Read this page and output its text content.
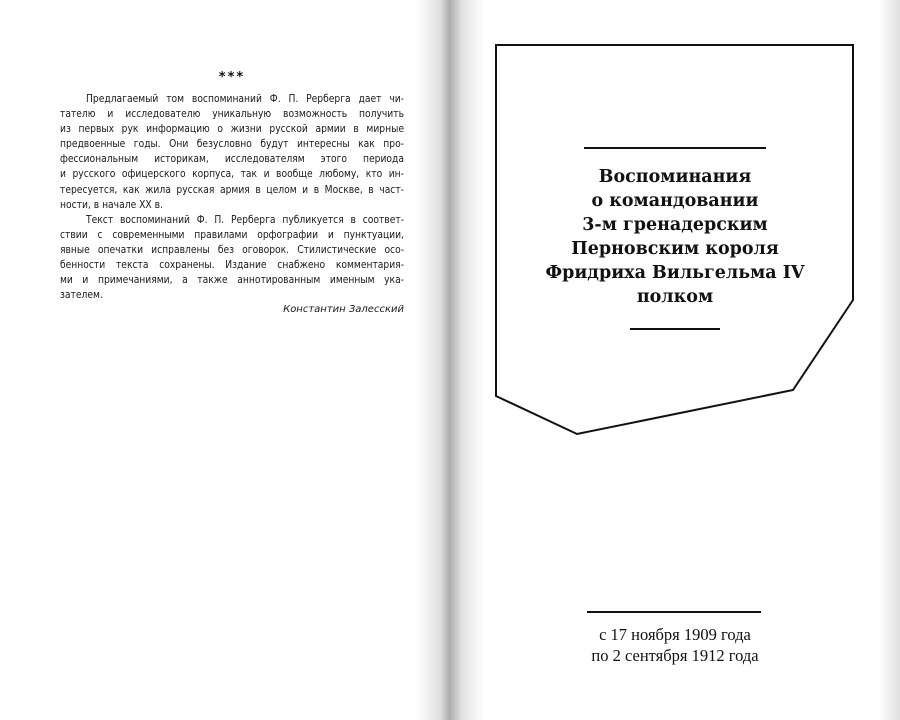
***
Предлагаемый том воспоминаний Ф. П. Рерберга дает чи-
тателю и исследователю уникальную возможность получить
из первых рук информацию о жизни русской армии в мирные
предвоенные годы. Они безусловно будут интересны как про-
фессиональным историкам, исследователям этого периода
и русского офицерского корпуса, так и вообще любому, кто ин-
тересуется, как жила русская армия в целом и в Москве, в част-
ности, в начале XX в.
Текст воспоминаний Ф. П. Рерберга публикуется в соответ-
ствии с современными правилами орфографии и пунктуации,
явные опечатки исправлены без оговорок. Стилистические осо-
бенности текста сохранены. Издание снабжено комментария-
ми и примечаниями, а также аннотированным именным ука-
зателем.
Константин Залесский
Воспоминания
о командовании
3-м гренадерским
Перновским короля
Фридриха Вильгельма IV
полком
с 17 ноября 1909 года
по 2 сентября 1912 года
